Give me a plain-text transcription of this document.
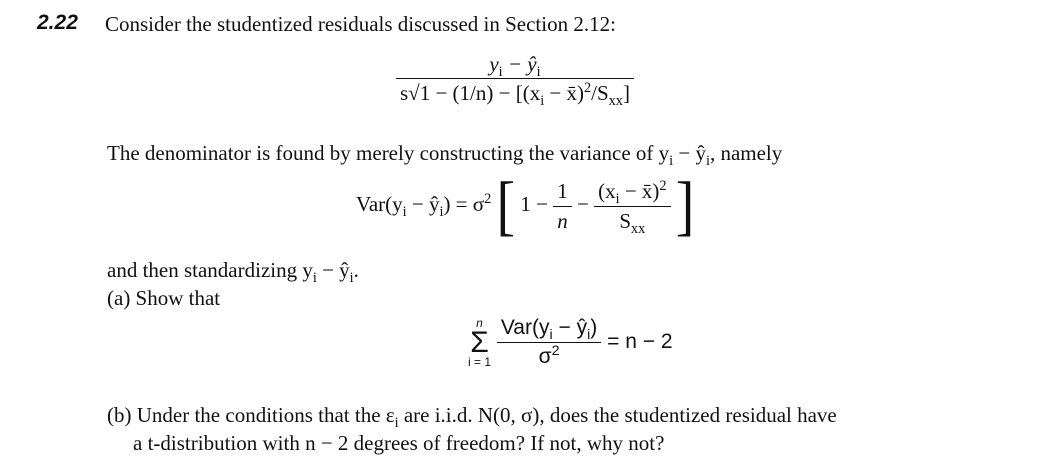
2.22 Consider the studentized residuals discussed in Section 2.12:
$\frac{y_i - ŷ_i}{s√1 - (1/n) - [(x_i - x̄)^2/S_{xx}]}$
The denominator is found by merely constructing the variance of $y_i$ − $ŷ_i$, namely
$Var(y_i$ − $ŷ_i) = \sigma^2$ [ $1 - \frac{1}{n} - \frac{(x_i - x̄)^2}{S_{xx}}$ ]
and then standardizing $y_i$ − $ŷ_i$.
(a) Show that
n
Σ
i = 1
$\frac{Var(y_i - ŷ_i)}{\sigma^2} = n - 2$
(b) Under the conditions that the $\varepsilon_i$ are i.i.d. N(0, σ), does the studentized residual have
a t-distribution with n − 2 degrees of freedom? If not, why not?
